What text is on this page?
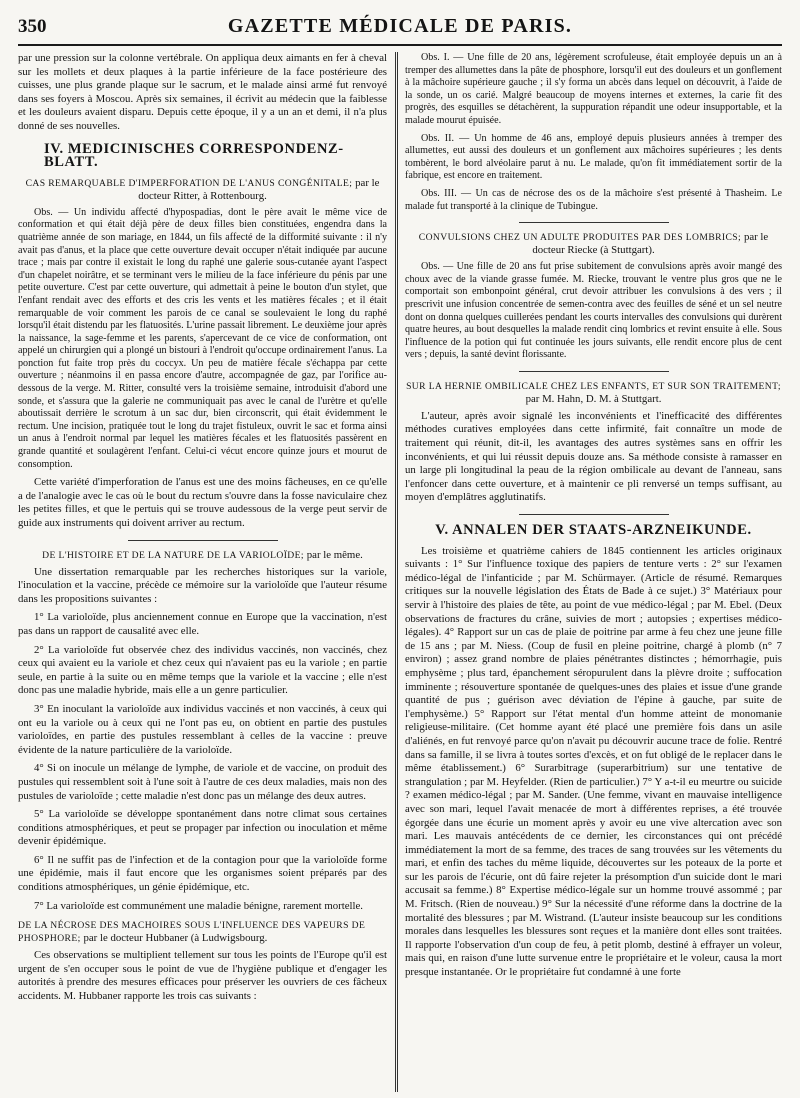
350	GAZETTE MÉDICALE DE PARIS.

par une pression sur la colonne vertébrale. On appliqua deux aimants en fer à cheval sur les mollets et deux plaques à la partie inférieure de la face postérieure des cuisses, une plus grande plaque sur le sacrum, et le malade ainsi armé fut renvoyé dans ses foyers à Moscou. Après six semaines, il écrivit au médecin que la faiblesse et les douleurs avaient disparu. Depuis cette époque, il y a un an et demi, il n'a plus donné de ses nouvelles.

IV. MEDICINISCHES CORRESPONDENZ-BLATT.
CAS REMARQUABLE D'IMPERFORATION DE L'ANUS CONGÉNITALE; par le docteur Ritter, à Rottenbourg.

Obs. — Un individu affecté d'hypospadias, dont le père avait le même vice de conformation et qui était déjà père de deux filles bien constituées, engendra dans la quatrième année de son mariage, en 1844, un fils affecté de la difformité suivante : il n'y avait pas d'anus, et la place que cette ouverture devait occuper n'était indiquée par aucune trace ; mais par contre il existait le long du raphé une galerie sous-cutanée ayant l'aspect d'un chapelet noirâtre, et se terminant vers le milieu de la face inférieure du pénis par une petite ouverture. C'est par cette ouverture, qui admettait à peine le bouton d'un stylet, que l'enfant rendait avec des efforts et des cris les vents et les matières fécales ; et il était remarquable de voir comment les parois de ce canal se soulevaient le long du raphé lorsqu'il était distendu par les flatuosités. L'urine passait librement. Le deuxième jour après la naissance, la sage-femme et les parents, s'apercevant de ce vice de conformation, ont appelé un chirurgien qui a plongé un bistouri à l'endroit qu'occupe ordinairement l'anus. La ponction fut faite trop près du coccyx. Un peu de matière fécale s'échappa par cette ouverture ; néanmoins il en passa encore d'autre, accompagnée de gaz, par l'orifice au-dessous de la verge. M. Ritter, consulté vers la troisième semaine, introduisit d'abord une sonde, et s'assura que la galerie ne communiquait pas avec le canal de l'urètre et qu'elle aboutissait derrière le scrotum à un sac dur, bien circonscrit, qui était évidemment le rectum. Une incision, pratiquée tout le long du trajet fistuleux, ouvrit le sac et forma ainsi un anus à l'endroit normal par lequel les matières fécales et les flatuosités passèrent en grande quantité et soulagèrent l'enfant. Celui-ci vécut encore quinze jours et mourut de consomption.

Cette variété d'imperforation de l'anus est une des moins fâcheuses, en ce qu'elle a de l'analogie avec le cas où le bout du rectum s'ouvre dans la fosse naviculaire chez les petites filles, et que le pertuis qui se trouve audessous de la verge peut servir de guide aux instruments qui doivent arriver au rectum.

DE L'HISTOIRE ET DE LA NATURE DE LA VARIOLOÏDE; par le même.

Une dissertation remarquable par les recherches historiques sur la variole, l'inoculation et la vaccine, précède ce mémoire sur la varioloïde que l'auteur résume dans les propositions suivantes :

1° La varioloïde, plus anciennement connue en Europe que la vaccination, n'est pas dans un rapport de causalité avec elle.

2° La varioloïde fut observée chez des individus vaccinés, non vaccinés, chez ceux qui avaient eu la variole et chez ceux qui n'avaient pas eu la variole ; en partie seule, en partie à la suite ou en même temps que la variole et la vaccine ; elle n'est donc pas une maladie hybride, mais elle a un genre particulier.

3° En inoculant la varioloïde aux individus vaccinés et non vaccinés, à ceux qui ont eu la variole ou à ceux qui ne l'ont pas eu, on obtient en partie des pustules varioloïdes, en partie des pustules ressemblant à celles de la vaccine : preuve évidente de la nature particulière de la varioloïde.

4° Si on inocule un mélange de lymphe, de variole et de vaccine, on produit des pustules qui ressemblent soit à l'une soit à l'autre de ces deux maladies, mais non des pustules de varioloïde ; cette maladie n'est donc pas un mélange des deux autres.

5° La varioloïde se développe spontanément dans notre climat sous certaines conditions atmosphériques, et peut se propager par infection ou inoculation et même devenir épidémique.

6° Il ne suffit pas de l'infection et de la contagion pour que la varioloïde forme une épidémie, mais il faut encore que les organismes soient préparés par des conditions atmosphériques, un génie épidémique, etc.

7° La varioloïde est communément une maladie bénigne, rarement mortelle.

DE LA NÉCROSE DES MACHOIRES SOUS L'INFLUENCE DES VAPEURS DE PHOSPHORE; par le docteur Hubbaner (à Ludwigsbourg.

Ces observations se multiplient tellement sur tous les points de l'Europe qu'il est urgent de s'en occuper sous le point de vue de l'hygiène publique et d'engager les autorités à prendre des mesures efficaces pour préserver les ouvriers de ces fâcheux accidents. M. Hubbaner rapporte les trois cas suivants :

Obs. I. — Une fille de 20 ans, légèrement scrofuleuse, était employée depuis un an à tremper des allumettes dans la pâte de phosphore, lorsqu'il eut des douleurs et un gonflement à la mâchoire supérieure gauche ; il s'y forma un abcès dans lequel on découvrit, à l'aide de la sonde, un os carié. Malgré beaucoup de moyens internes et externes, la carie fit des progrès, des esquilles se détachèrent, la suppuration répandit une odeur insupportable, et la malade mourut épuisée.

Obs. II. — Un homme de 46 ans, employé depuis plusieurs années à tremper des allumettes, eut aussi des douleurs et un gonflement aux mâchoires supérieures ; les dents tombèrent, le bord alvéolaire parut à nu. Le malade, qu'on fit immédiatement sortir de la fabrique, est encore en traitement.

Obs. III. — Un cas de nécrose des os de la mâchoire s'est présenté à Thasheim. Le malade fut transporté à la clinique de Tubingue.

CONVULSIONS CHEZ UN ADULTE PRODUITES PAR DES LOMBRICS; par le docteur Riecke (à Stuttgart).

Obs. — Une fille de 20 ans fut prise subitement de convulsions après avoir mangé des choux avec de la viande grasse fumée. M. Riecke, trouvant le ventre plus gros que ne le comportait son embonpoint général, crut devoir attribuer les convulsions à des vers ; il prescrivit une infusion concentrée de semen-contra avec des feuilles de séné et un sel neutre dont on donna quelques cuillerées pendant les courts intervalles des convulsions qui durèrent quatre heures, au bout desquelles la malade rendit cinq lombrics et revint ensuite à elle. Sous l'influence de la potion qui fut continuée les jours suivants, elle rendit encore plus de cent vers ; depuis, la santé devint florissante.

SUR LA HERNIE OMBILICALE CHEZ LES ENFANTS, ET SUR SON TRAITEMENT; par M. Hahn, D. M. à Stuttgart.

L'auteur, après avoir signalé les inconvénients et l'inefficacité des différentes méthodes curatives employées dans cette infirmité, fait connaître un mode de traitement qui réunit, dit-il, les avantages des autres systèmes sans en offrir les inconvénients, et qui lui réussit depuis douze ans. Sa méthode consiste à ramasser en un large pli longitudinal la peau de la région ombilicale au devant de l'anneau, sans l'enfoncer dans cette ouverture, et à maintenir ce pli renversé un temps suffisant, au moyen d'emplâtres agglutinatifs.

V. ANNALEN DER STAATS-ARZNEIKUNDE.

Les troisième et quatrième cahiers de 1845 contiennent les articles originaux suivants : 1° Sur l'influence toxique des papiers de tenture verts : 2° sur l'examen médico-légal de l'infanticide ; par M. Schürmayer. (Article de résumé. Remarques critiques sur la nouvelle législation des États de Bade à ce sujet.) 3° Matériaux pour servir à l'histoire des plaies de tête, au point de vue médico-légal ; par M. Ebel. (Deux observations de fractures du crâne, suivies de mort ; autopsies ; expertises médico-légales). 4° Rapport sur un cas de plaie de poitrine par arme à feu chez une jeune fille de 15 ans ; par M. Niess. (Coup de fusil en pleine poitrine, chargé à plomb (n° 7 environ) ; assez grand nombre de plaies pénétrantes distinctes ; hémorrhagie, puis emphysème ; plus tard, épanchement séropurulent dans la plèvre droite ; suffocation imminente ; résouverture spontanée de quelques-unes des plaies et issue d'une grande quantité de pus ; guérison avec déviation de l'épine à gauche, par suite de l'emphysème.) 5° Rapport sur l'état mental d'un homme atteint de monomanie religieuse-militaire. (Cet homme ayant été placé une première fois dans un asile d'aliénés, en fut renvoyé parce qu'on n'avait pu découvrir aucune trace de folie. Rentré dans sa famille, il se livra à toutes sortes d'excès, et on fut obligé de le replacer dans le même établissement.) 6° Surarbitrage (superarbitrium) sur une tentative de strangulation ; par M. Heyfelder. (Rien de particulier.) 7° Y a-t-il eu meurtre ou suicide ? examen médico-légal ; par M. Sander. (Une femme, vivant en mauvaise intelligence avec son mari, lequel l'avait menacée de mort à différentes reprises, a été trouvée égorgée dans une écurie un moment après y avoir eu une vive altercation avec son mari. Les mauvais antécédents de ce dernier, les circonstances qui ont précédé immédiatement la mort de sa femme, des traces de sang trouvées sur les vêtements du mari, et enfin des taches du même liquide, découvertes sur les poteaux de la porte et sur les parois de l'écurie, ont dû faire rejeter la présomption d'un suicide dont le mari accusait sa femme.) 8° Expertise médico-légale sur un homme trouvé assommé ; par M. Fritsch. (Rien de nouveau.) 9° Sur la nécessité d'une réforme dans la doctrine de la mortalité des blessures ; par M. Wistrand. (L'auteur insiste beaucoup sur les conditions morales dans lesquelles les blessures sont reçues et la manière dont elles sont traitées. Il rapporte l'observation d'un coup de feu, à petit plomb, destiné à effrayer un voleur, mais qui, en raison d'une lutte survenue entre le propriétaire et le voleur, causa la mort presque instantanée. Or le propriétaire fut condamné à une forte
